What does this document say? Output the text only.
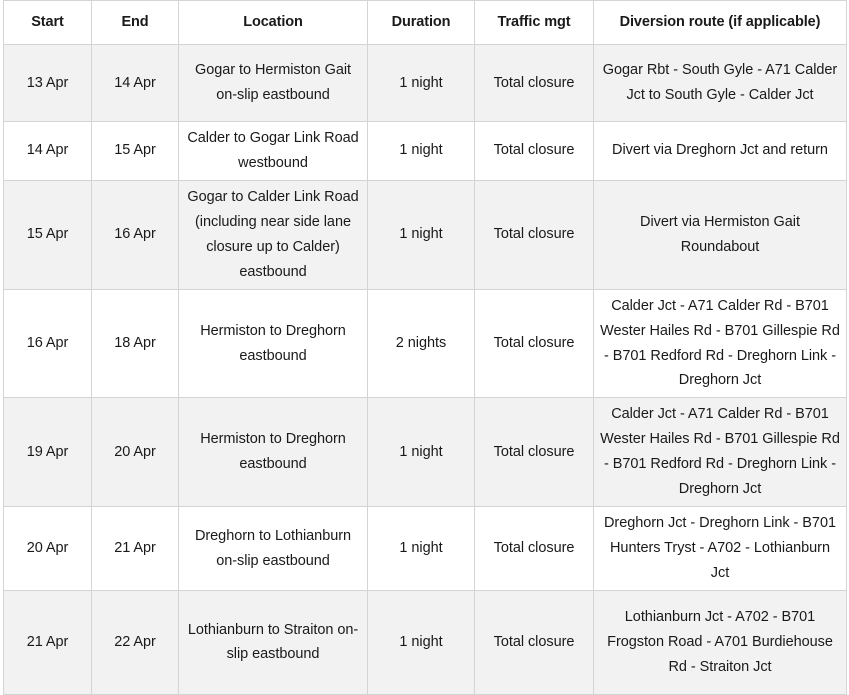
Start	End	Location	Duration	Traffic mgt	Diversion route (if applicable)
13 Apr	14 Apr	Gogar to Hermiston Gait on-slip eastbound	1 night	Total closure	Gogar Rbt - South Gyle - A71 Calder Jct to South Gyle - Calder Jct
14 Apr	15 Apr	Calder to Gogar Link Road westbound	1 night	Total closure	Divert via Dreghorn Jct and return
15 Apr	16 Apr	Gogar to Calder Link Road (including near side lane closure up to Calder) eastbound	1 night	Total closure	Divert via Hermiston Gait Roundabout
16 Apr	18 Apr	Hermiston to Dreghorn eastbound	2 nights	Total closure	Calder Jct - A71 Calder Rd - B701 Wester Hailes Rd - B701 Gillespie Rd - B701 Redford Rd - Dreghorn Link - Dreghorn Jct
19 Apr	20 Apr	Hermiston to Dreghorn eastbound	1 night	Total closure	Calder Jct - A71 Calder Rd - B701 Wester Hailes Rd - B701 Gillespie Rd - B701 Redford Rd - Dreghorn Link - Dreghorn Jct
20 Apr	21 Apr	Dreghorn to Lothianburn on-slip eastbound	1 night	Total closure	Dreghorn Jct - Dreghorn Link - B701 Hunters Tryst - A702 - Lothianburn Jct
21 Apr	22 Apr	Lothianburn to Straiton on-slip eastbound	1 night	Total closure	Lothianburn Jct - A702 - B701 Frogston Road - A701 Burdiehouse Rd - Straiton Jct
